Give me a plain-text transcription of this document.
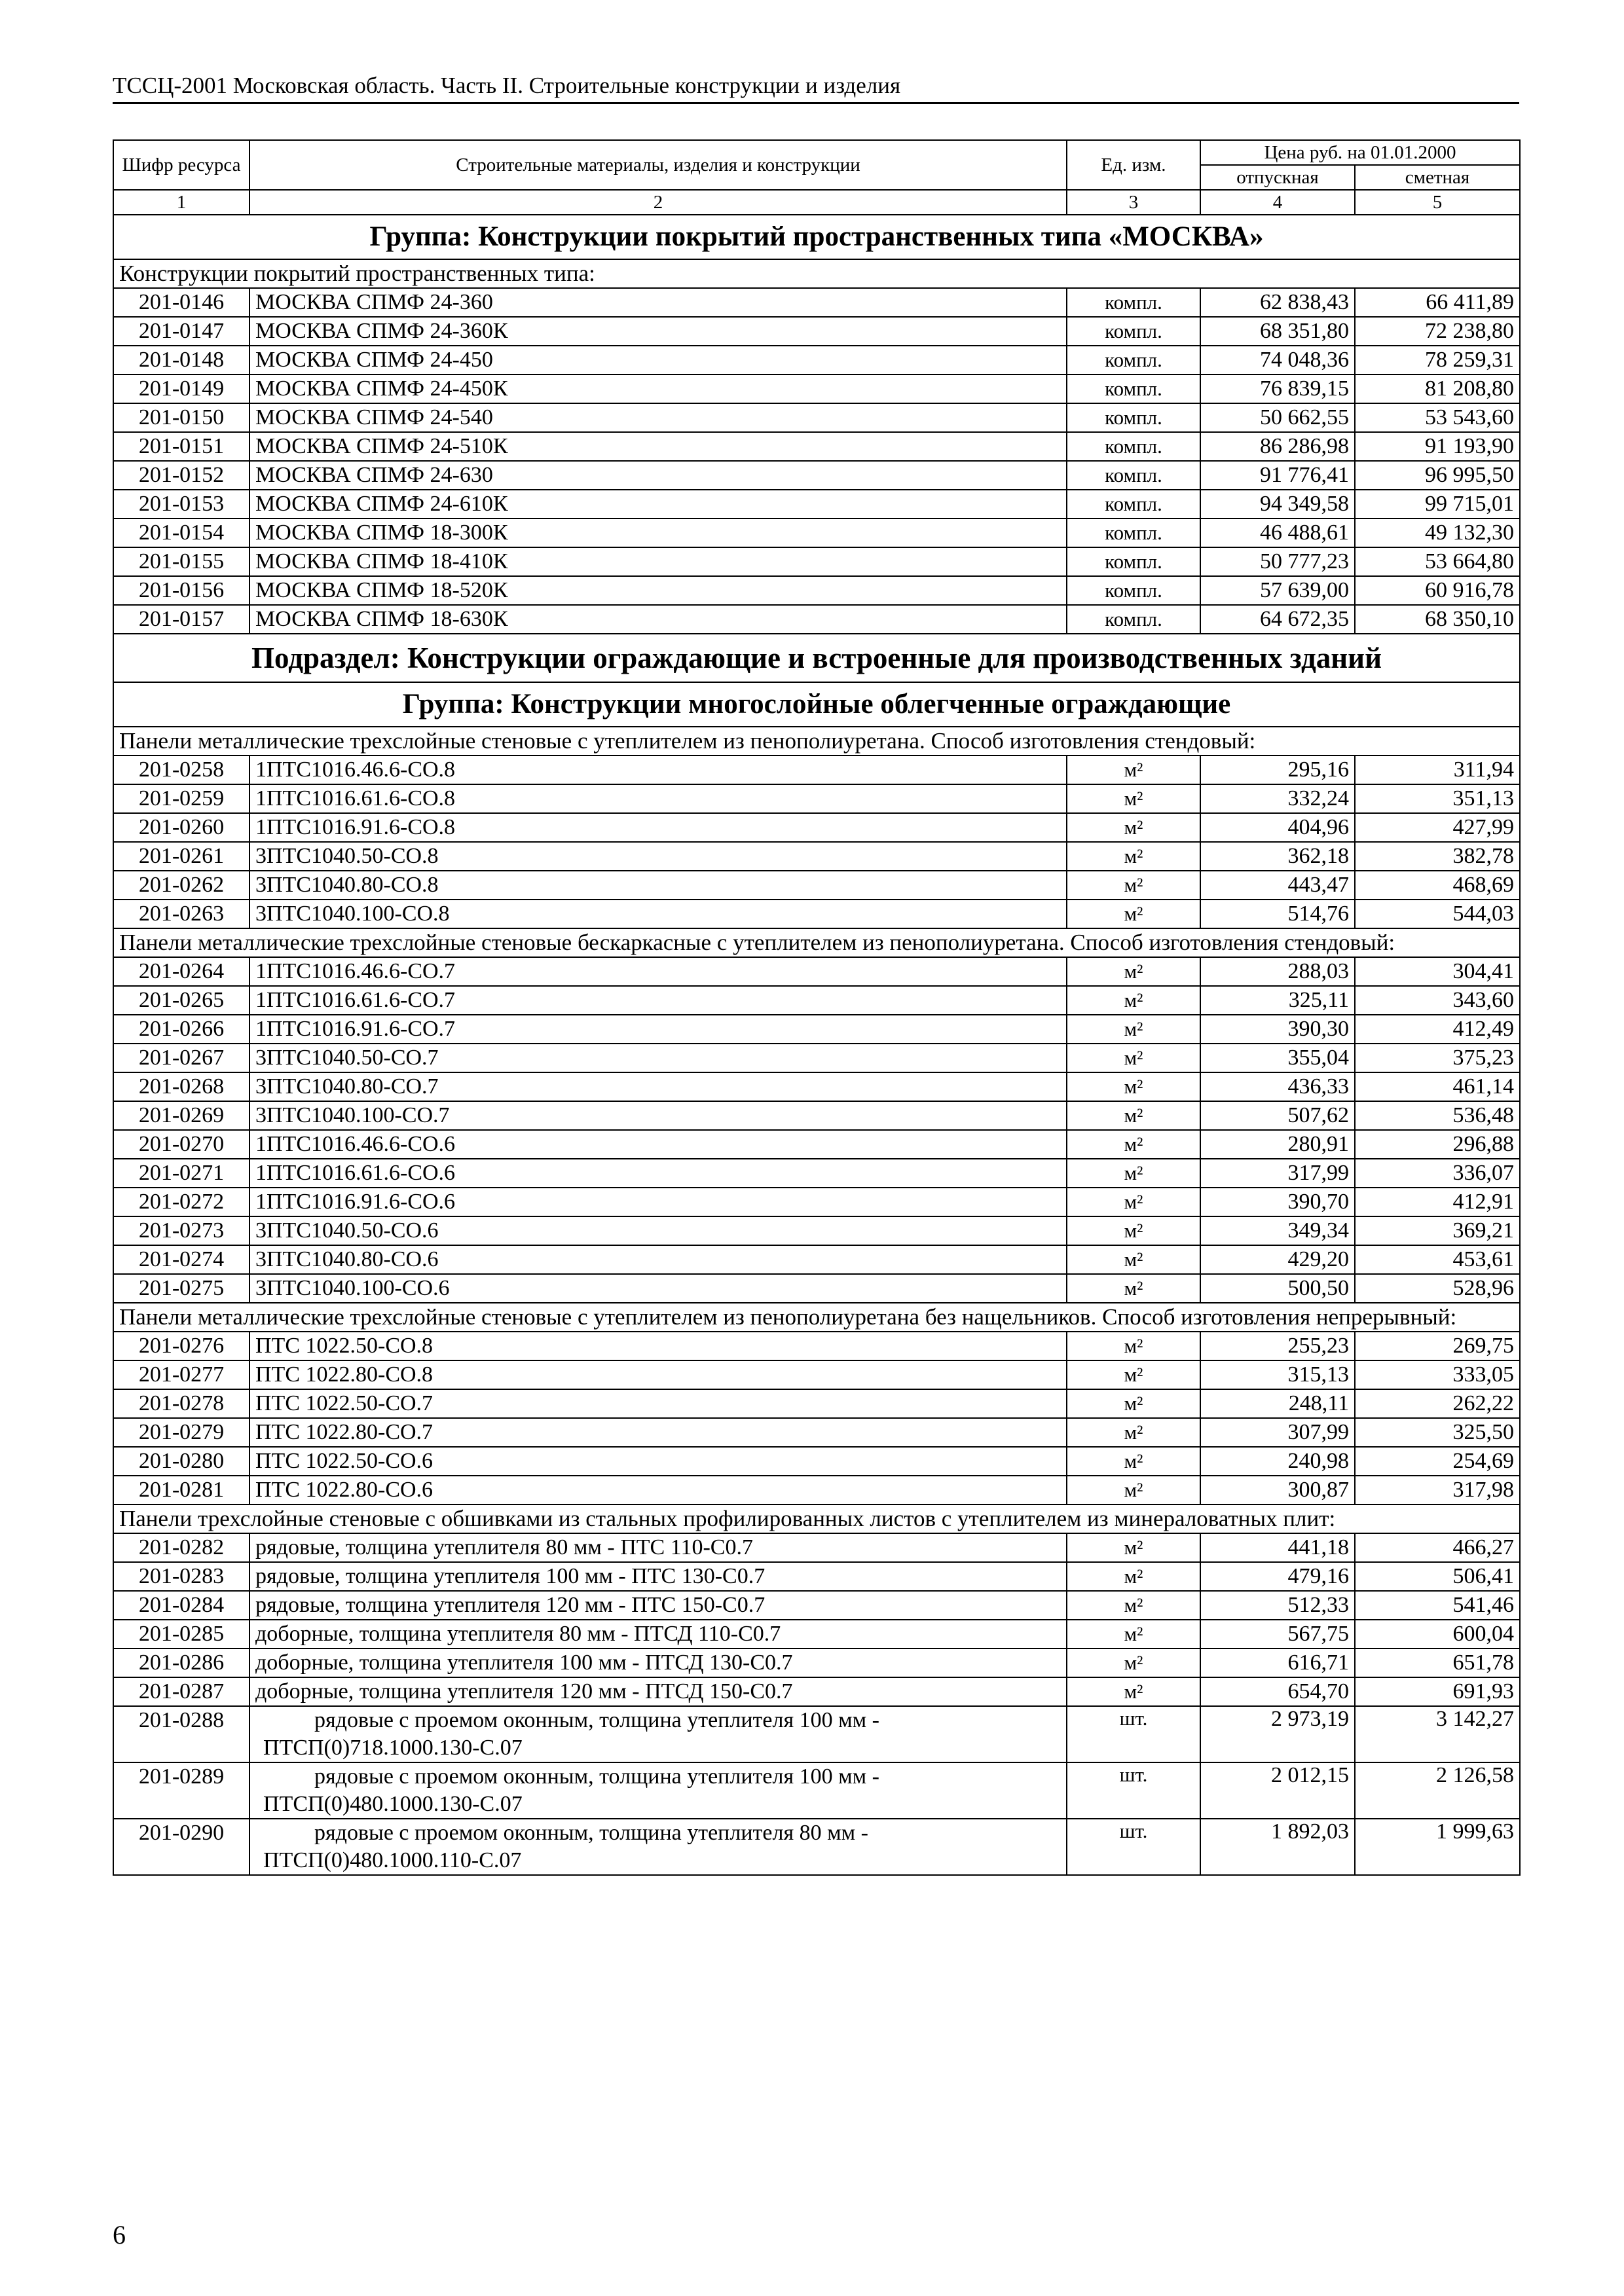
ТССЦ-2001 Московская область. Часть II. Строительные конструкции и изделия
Шифр ресурса	Строительные материалы, изделия и конструкции	Ед. изм.	Цена руб. на 01.01.2000	
			отпускная	сметная
1	2	3	4	5
Группа: Конструкции покрытий пространственных типа «МОСКВА»				
Конструкции покрытий пространственных типа:				
201-0146	МОСКВА СПМФ 24-360	компл.	62 838,43	66 411,89
201-0147	МОСКВА СПМФ 24-360К	компл.	68 351,80	72 238,80
201-0148	МОСКВА СПМФ 24-450	компл.	74 048,36	78 259,31
201-0149	МОСКВА СПМФ 24-450К	компл.	76 839,15	81 208,80
201-0150	МОСКВА СПМФ 24-540	компл.	50 662,55	53 543,60
201-0151	МОСКВА СПМФ 24-510К	компл.	86 286,98	91 193,90
201-0152	МОСКВА СПМФ 24-630	компл.	91 776,41	96 995,50
201-0153	МОСКВА СПМФ 24-610К	компл.	94 349,58	99 715,01
201-0154	МОСКВА СПМФ 18-300К	компл.	46 488,61	49 132,30
201-0155	МОСКВА СПМФ 18-410К	компл.	50 777,23	53 664,80
201-0156	МОСКВА СПМФ 18-520К	компл.	57 639,00	60 916,78
201-0157	МОСКВА СПМФ 18-630К	компл.	64 672,35	68 350,10
Подраздел: Конструкции ограждающие и встроенные для производственных зданий				
Группа: Конструкции многослойные облегченные ограждающие				
Панели металлические трехслойные стеновые с утеплителем из пенополиуретана. Способ изготовления стендовый:				
201-0258	1ПТС1016.46.6-СО.8	м²	295,16	311,94
201-0259	1ПТС1016.61.6-СО.8	м²	332,24	351,13
201-0260	1ПТС1016.91.6-СО.8	м²	404,96	427,99
201-0261	3ПТС1040.50-СО.8	м²	362,18	382,78
201-0262	3ПТС1040.80-СО.8	м²	443,47	468,69
201-0263	3ПТС1040.100-СО.8	м²	514,76	544,03
Панели металлические трехслойные стеновые бескаркасные с утеплителем из пенополиуретана. Способ изготовления стендовый:				
201-0264	1ПТС1016.46.6-СО.7	м²	288,03	304,41
201-0265	1ПТС1016.61.6-СО.7	м²	325,11	343,60
201-0266	1ПТС1016.91.6-СО.7	м²	390,30	412,49
201-0267	3ПТС1040.50-СО.7	м²	355,04	375,23
201-0268	3ПТС1040.80-СО.7	м²	436,33	461,14
201-0269	3ПТС1040.100-СО.7	м²	507,62	536,48
201-0270	1ПТС1016.46.6-СО.6	м²	280,91	296,88
201-0271	1ПТС1016.61.6-СО.6	м²	317,99	336,07
201-0272	1ПТС1016.91.6-СО.6	м²	390,70	412,91
201-0273	3ПТС1040.50-СО.6	м²	349,34	369,21
201-0274	3ПТС1040.80-СО.6	м²	429,20	453,61
201-0275	3ПТС1040.100-СО.6	м²	500,50	528,96
Панели металлические трехслойные стеновые с утеплителем из пенополиуретана без нащельников. Способ изготовления непрерывный:				
201-0276	ПТС 1022.50-СО.8	м²	255,23	269,75
201-0277	ПТС 1022.80-СО.8	м²	315,13	333,05
201-0278	ПТС 1022.50-СО.7	м²	248,11	262,22
201-0279	ПТС 1022.80-СО.7	м²	307,99	325,50
201-0280	ПТС 1022.50-СО.6	м²	240,98	254,69
201-0281	ПТС 1022.80-СО.6	м²	300,87	317,98
Панели трехслойные стеновые с обшивками из стальных профилированных листов с утеплителем из минераловатных плит:				
201-0282	рядовые, толщина утеплителя 80 мм - ПТС 110-С0.7	м²	441,18	466,27
201-0283	рядовые, толщина утеплителя 100 мм - ПТС 130-С0.7	м²	479,16	506,41
201-0284	рядовые, толщина утеплителя 120 мм - ПТС 150-С0.7	м²	512,33	541,46
201-0285	доборные, толщина утеплителя 80 мм - ПТСД 110-С0.7	м²	567,75	600,04
201-0286	доборные, толщина утеплителя 100 мм - ПТСД 130-С0.7	м²	616,71	651,78
201-0287	доборные, толщина утеплителя 120 мм - ПТСД 150-С0.7	м²	654,70	691,93
201-0288	рядовые с проемом оконным, толщина утеплителя 100 мм - ПТСП(0)718.1000.130-С.07	шт.	2 973,19	3 142,27
201-0289	рядовые с проемом оконным, толщина утеплителя 100 мм - ПТСП(0)480.1000.130-С.07	шт.	2 012,15	2 126,58
201-0290	рядовые с проемом оконным, толщина утеплителя 80 мм - ПТСП(0)480.1000.110-С.07	шт.	1 892,03	1 999,63
6
